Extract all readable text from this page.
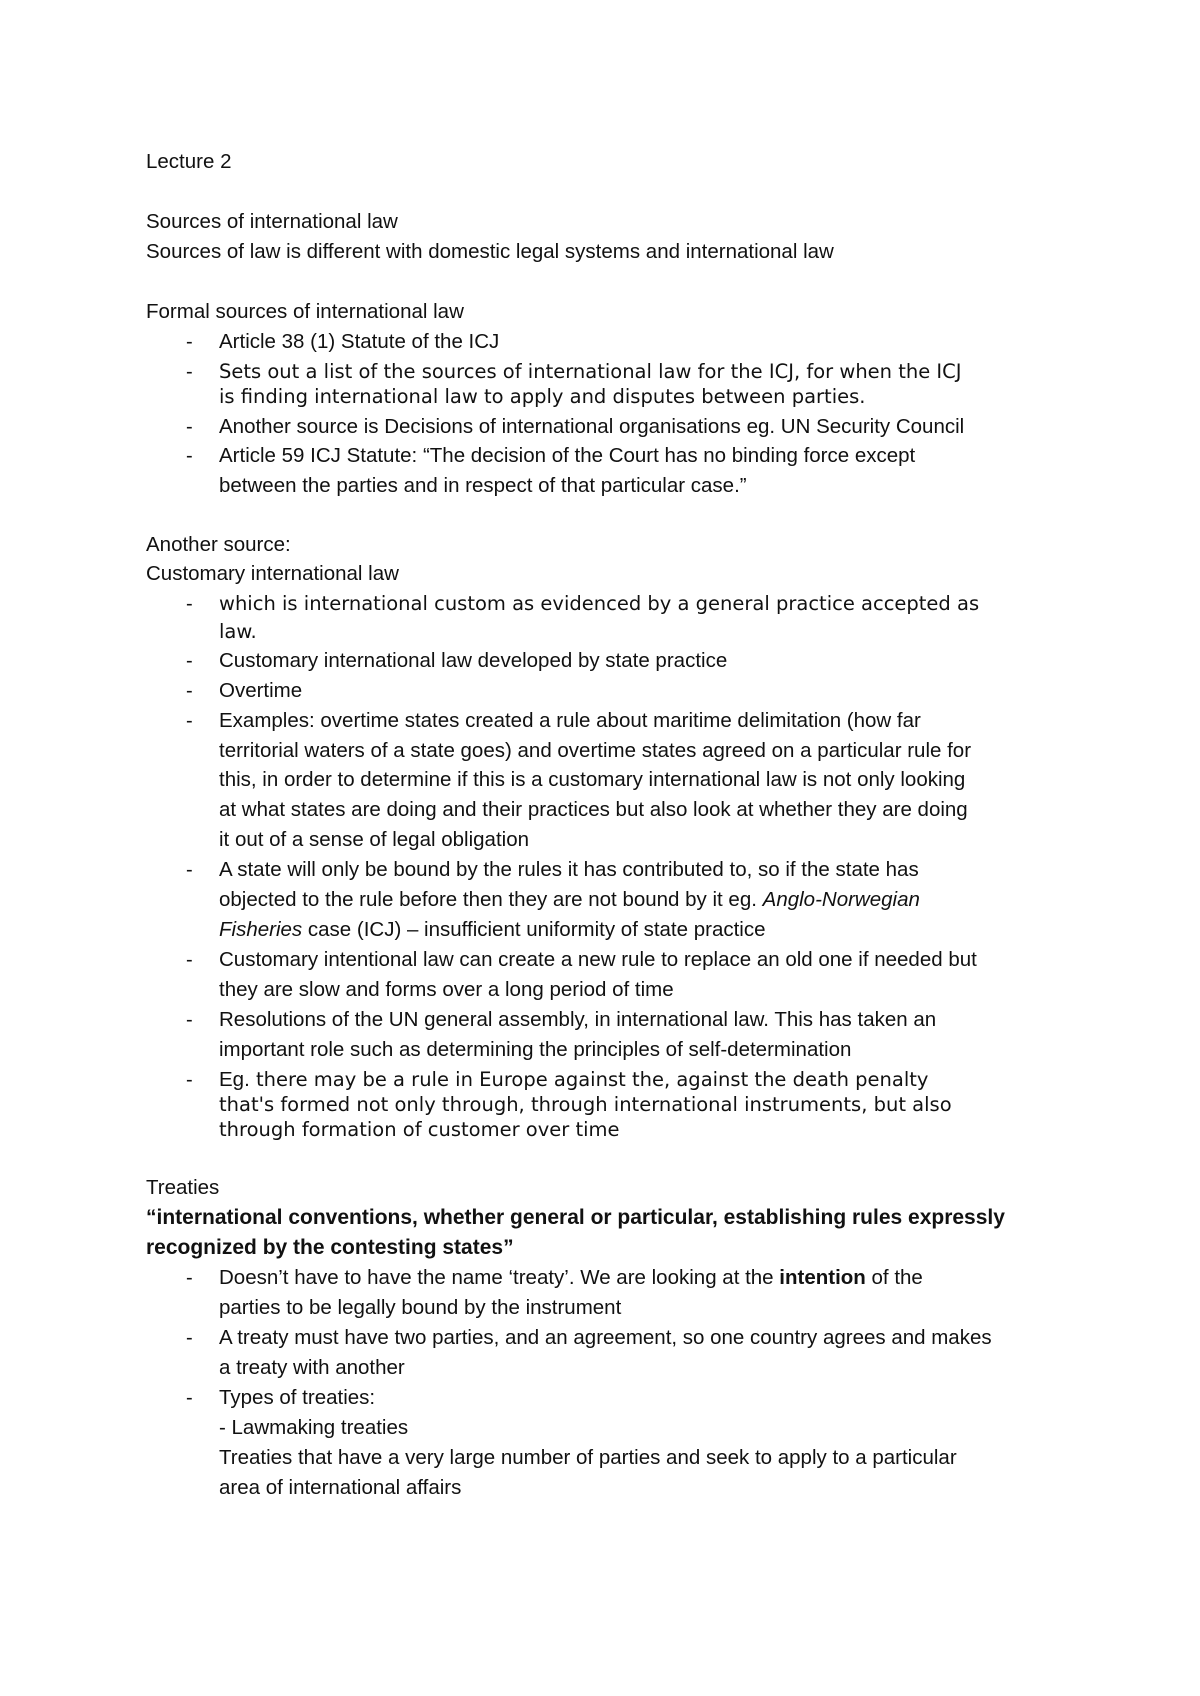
Lecture 2
Sources of international law
Sources of law is different with domestic legal systems and international law
Formal sources of international law
- Article 38 (1) Statute of the ICJ
- Sets out a list of the sources of international law for the ICJ, for when the ICJ
is finding international law to apply and disputes between parties.
- Another source is Decisions of international organisations eg. UN Security Council
- Article 59 ICJ Statute: “The decision of the Court has no binding force except
between the parties and in respect of that particular case.”
Another source:
Customary international law
- which is international custom as evidenced by a general practice accepted as
law.
- Customary international law developed by state practice
- Overtime
- Examples: overtime states created a rule about maritime delimitation (how far
territorial waters of a state goes) and overtime states agreed on a particular rule for
this, in order to determine if this is a customary international law is not only looking
at what states are doing and their practices but also look at whether they are doing
it out of a sense of legal obligation
- A state will only be bound by the rules it has contributed to, so if the state has
objected to the rule before then they are not bound by it eg. Anglo-Norwegian
Fisheries case (ICJ) – insufficient uniformity of state practice
- Customary intentional law can create a new rule to replace an old one if needed but
they are slow and forms over a long period of time
- Resolutions of the UN general assembly, in international law. This has taken an
important role such as determining the principles of self-determination
- Eg. there may be a rule in Europe against the, against the death penalty
that's formed not only through, through international instruments, but also
through formation of customer over time
Treaties
“international conventions, whether general or particular, establishing rules expressly
recognized by the contesting states”
- Doesn’t have to have the name ‘treaty’. We are looking at the intention of the
parties to be legally bound by the instrument
- A treaty must have two parties, and an agreement, so one country agrees and makes
a treaty with another
- Types of treaties:
- Lawmaking treaties
Treaties that have a very large number of parties and seek to apply to a particular
area of international affairs
